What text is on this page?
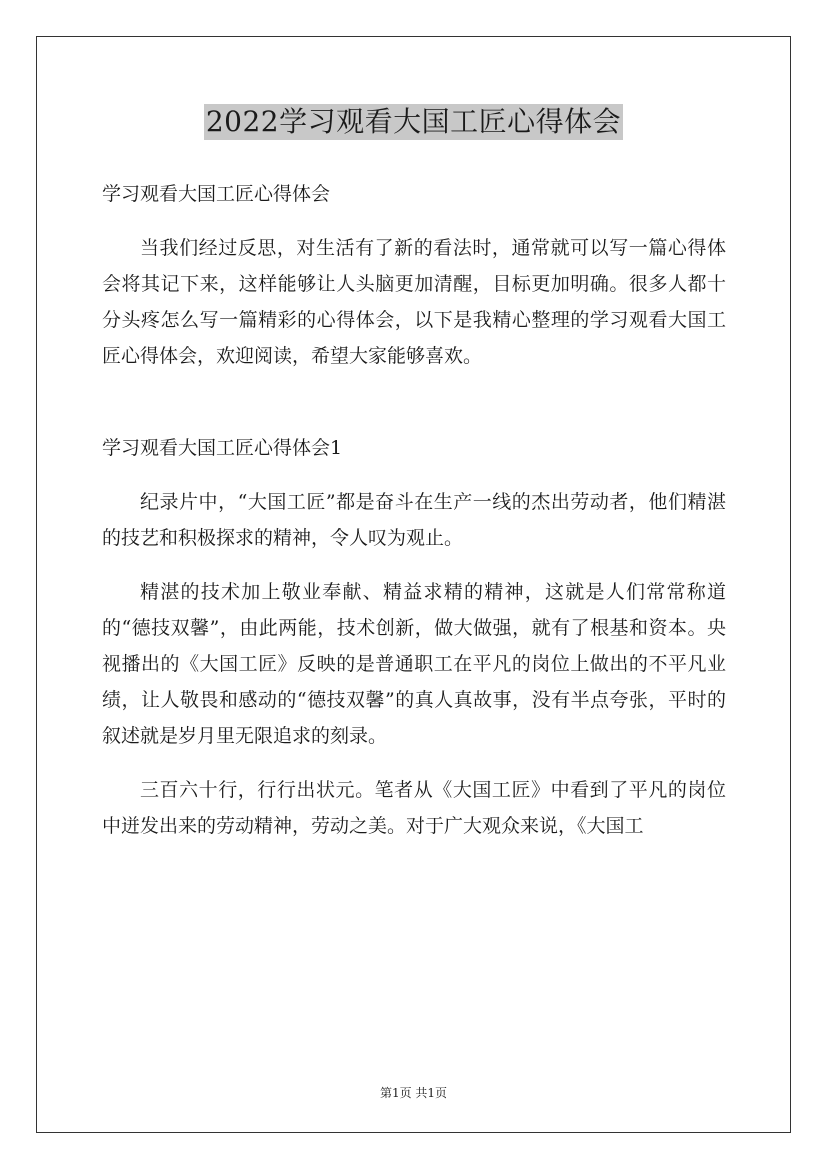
2022学习观看大国工匠心得体会

学习观看大国工匠心得体会

当我们经过反思，对生活有了新的看法时，通常就可以写一篇心得体会将其记下来，这样能够让人头脑更加清醒，目标更加明确。很多人都十分头疼怎么写一篇精彩的心得体会，以下是我精心整理的学习观看大国工匠心得体会，欢迎阅读，希望大家能够喜欢。

学习观看大国工匠心得体会1

纪录片中，“大国工匠”都是奋斗在生产一线的杰出劳动者，他们精湛的技艺和积极探求的精神，令人叹为观止。

精湛的技术加上敬业奉献、精益求精的精神，这就是人们常常称道的“德技双馨”，由此两能，技术创新，做大做强，就有了根基和资本。央视播出的《大国工匠》反映的是普通职工在平凡的岗位上做出的不平凡业绩，让人敬畏和感动的“德技双馨”的真人真故事，没有半点夸张，平时的叙述就是岁月里无限追求的刻录。

三百六十行，行行出状元。笔者从《大国工匠》中看到了平凡的岗位中迸发出来的劳动精神，劳动之美。对于广大观众来说，《大国工

第1页 共1页
